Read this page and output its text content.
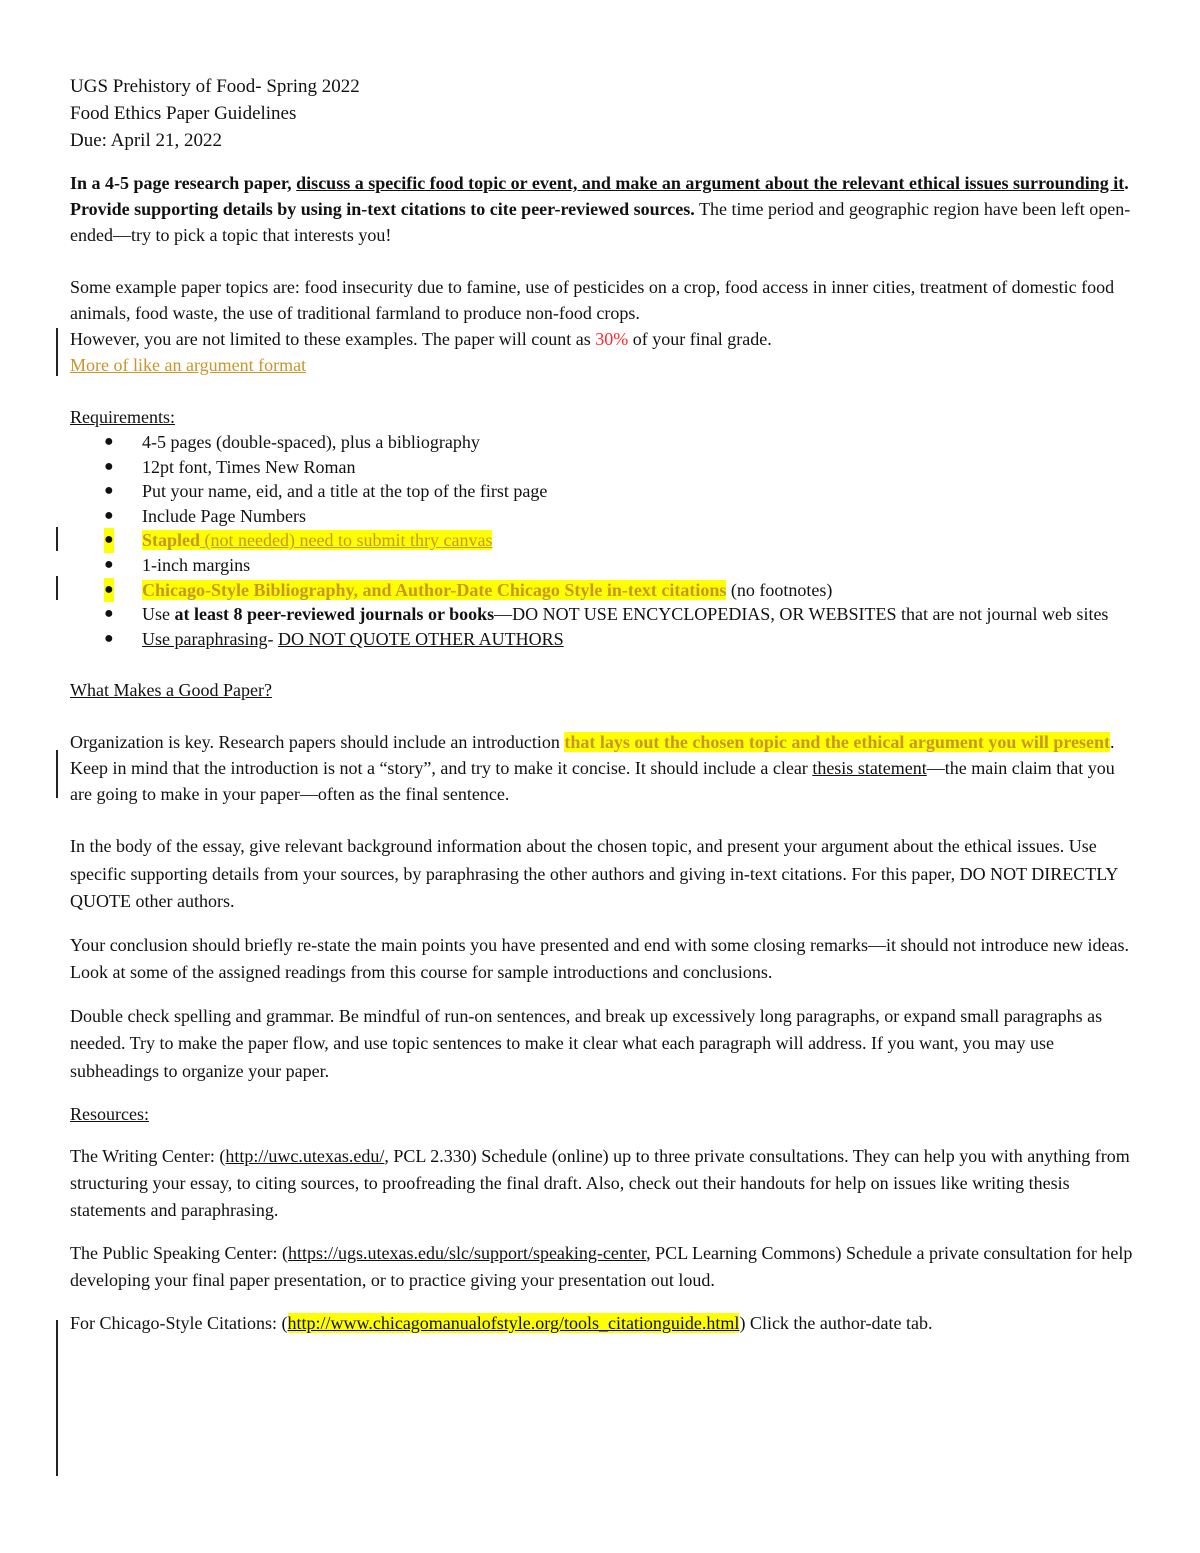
UGS Prehistory of Food- Spring 2022

Food Ethics Paper Guidelines

Due: April 21, 2022

In a 4-5 page research paper, discuss a specific food topic or event, and make an argument about the relevant ethical issues surrounding it. Provide supporting details by using in-text citations to cite peer-reviewed sources. The time period and geographic region have been left open-ended—try to pick a topic that interests you!

Some example paper topics are: food insecurity due to famine, use of pesticides on a crop, food access in inner cities, treatment of domestic food animals, food waste, the use of traditional farmland to produce non-food crops.

However, you are not limited to these examples. The paper will count as 30% of your final grade.

More of like an argument format

Requirements:

● 4-5 pages (double-spaced), plus a bibliography
● 12pt font, Times New Roman
● Put your name, eid, and a title at the top of the first page
● Include Page Numbers
● Stapled (not needed) need to submit thry canvas
● 1-inch margins
● Chicago-Style Bibliography, and Author-Date Chicago Style in-text citations (no footnotes)
● Use at least 8 peer-reviewed journals or books—DO NOT USE ENCYCLOPEDIAS, OR WEBSITES that are not journal web sites
● Use paraphrasing- DO NOT QUOTE OTHER AUTHORS

What Makes a Good Paper?

Organization is key. Research papers should include an introduction that lays out the chosen topic and the ethical argument you will present. Keep in mind that the introduction is not a “story”, and try to make it concise. It should include a clear thesis statement—the main claim that you are going to make in your paper—often as the final sentence.

In the body of the essay, give relevant background information about the chosen topic, and present your argument about the ethical issues. Use specific supporting details from your sources, by paraphrasing the other authors and giving in-text citations. For this paper, DO NOT DIRECTLY QUOTE other authors.

Your conclusion should briefly re-state the main points you have presented and end with some closing remarks—it should not introduce new ideas. Look at some of the assigned readings from this course for sample introductions and conclusions.

Double check spelling and grammar. Be mindful of run-on sentences, and break up excessively long paragraphs, or expand small paragraphs as needed. Try to make the paper flow, and use topic sentences to make it clear what each paragraph will address. If you want, you may use subheadings to organize your paper.

Resources:

The Writing Center: (http://uwc.utexas.edu/, PCL 2.330) Schedule (online) up to three private consultations. They can help you with anything from structuring your essay, to citing sources, to proofreading the final draft. Also, check out their handouts for help on issues like writing thesis statements and paraphrasing.

The Public Speaking Center: (https://ugs.utexas.edu/slc/support/speaking-center, PCL Learning Commons) Schedule a private consultation for help developing your final paper presentation, or to practice giving your presentation out loud.

For Chicago-Style Citations: (http://www.chicagomanualofstyle.org/tools_citationguide.html) Click the author-date tab.
